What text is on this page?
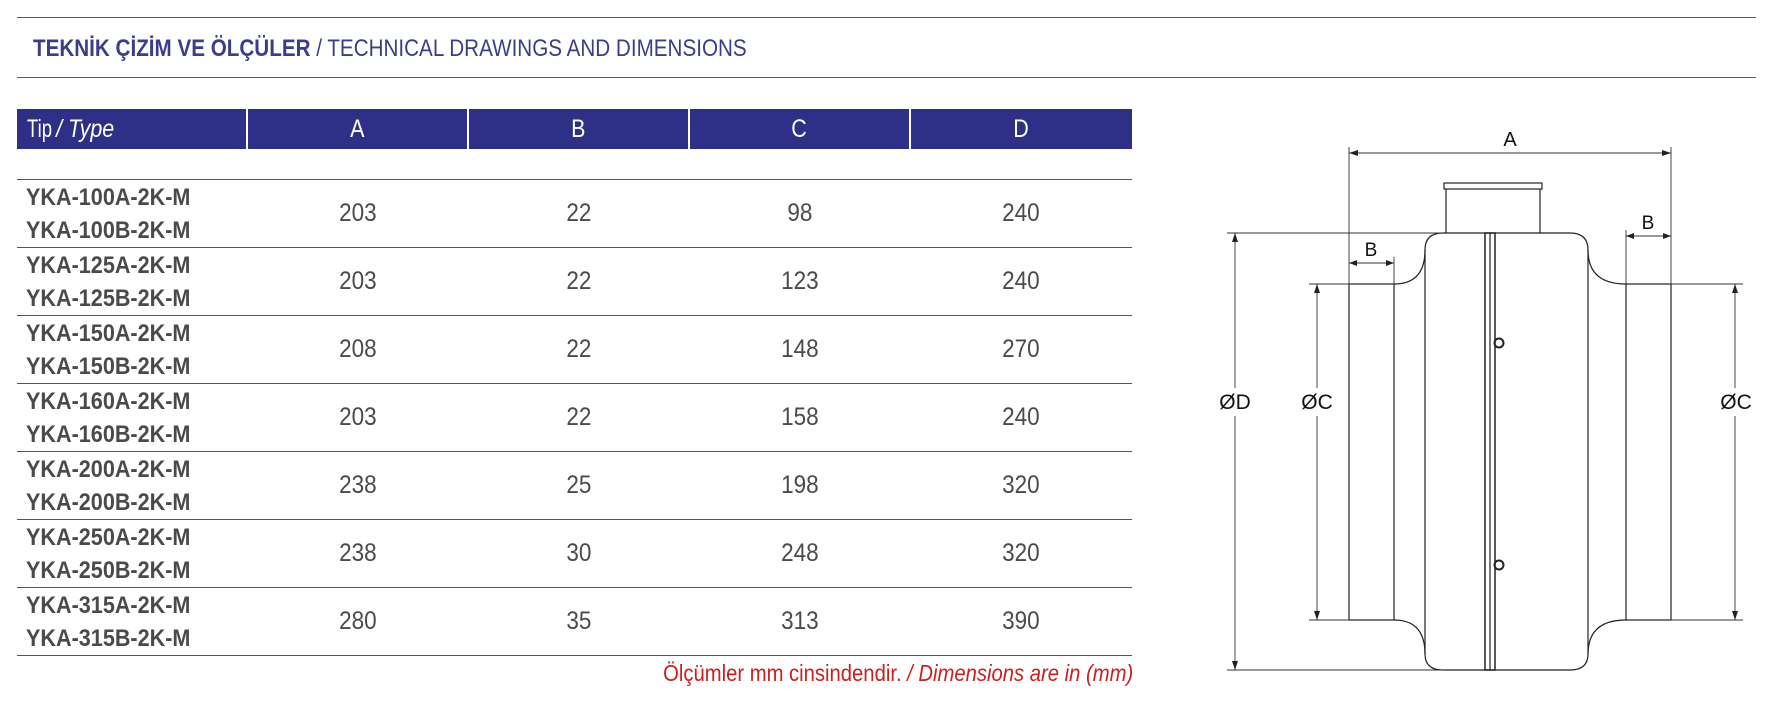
TEKNİK ÇİZİM VE ÖLÇÜLER / TECHNICAL DRAWINGS AND DIMENSIONS
Tip/ Type	A	B	C	D

YKA-100A-2K-M
YKA-100B-2K-M	203	22	98	240

YKA-125A-2K-M
YKA-125B-2K-M	203	22	123	240

YKA-150A-2K-M
YKA-150B-2K-M	208	22	148	270

YKA-160A-2K-M
YKA-160B-2K-M	203	22	158	240

YKA-200A-2K-M
YKA-200B-2K-M	238	25	198	320

YKA-250A-2K-M
YKA-250B-2K-M	238	30	248	320

YKA-315A-2K-M
YKA-315B-2K-M	280	35	313	390
Ölçümler mm cinsindendir. / Dimensions are in (mm)
A
B
B
ØD ØC	ØC
